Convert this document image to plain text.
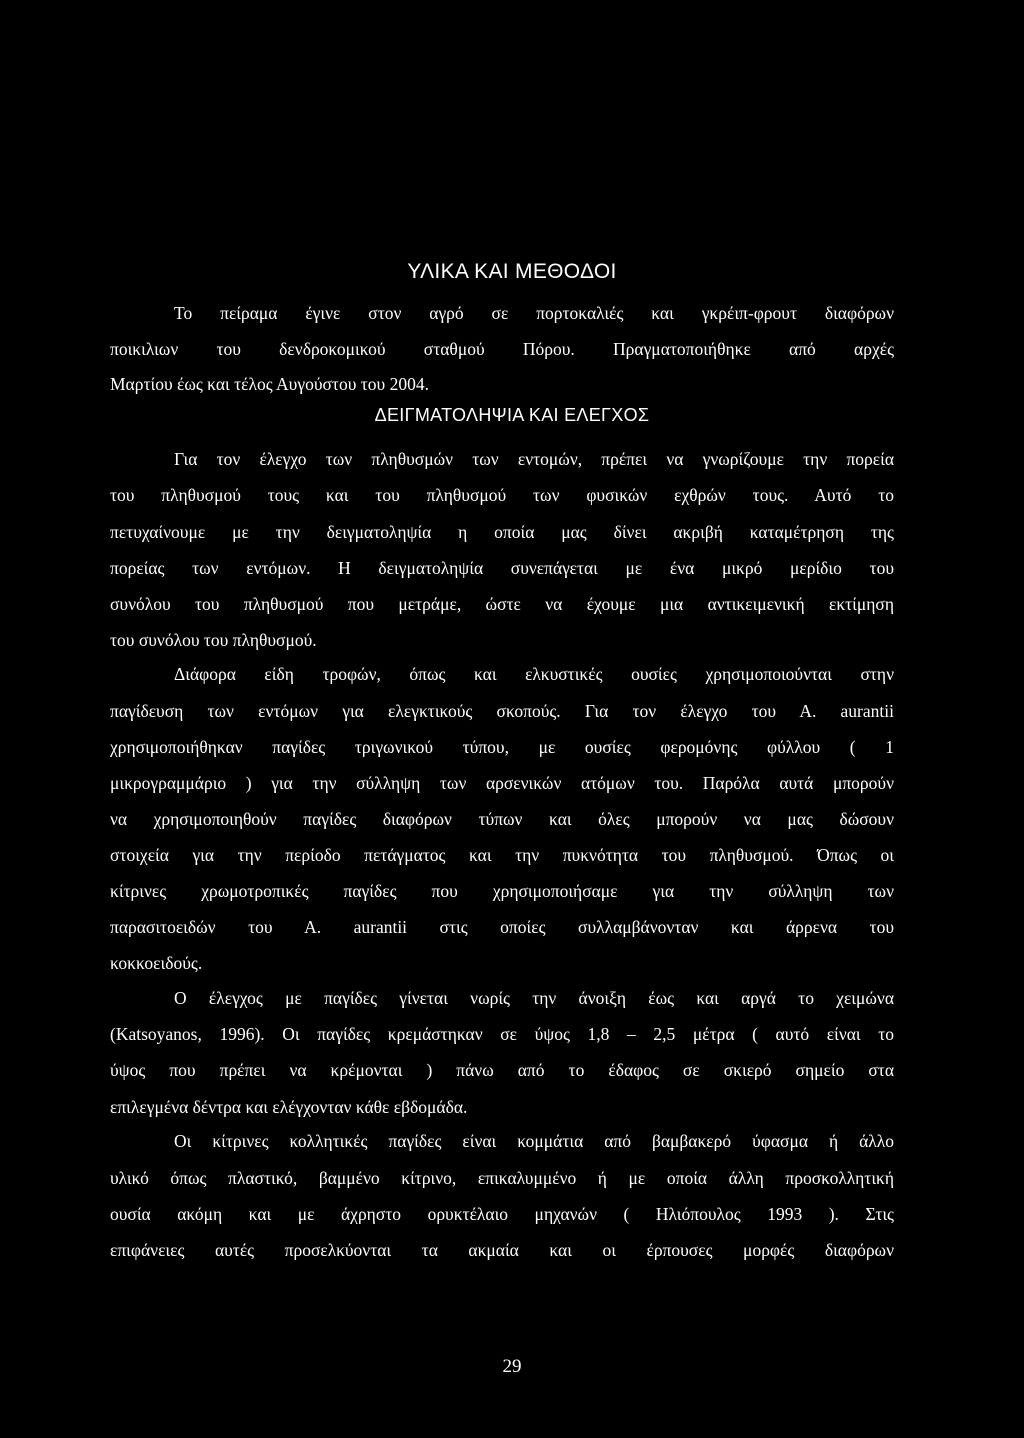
ΥΛΙΚΑ ΚΑΙ ΜΕΘΟΔΟΙ
Το πείραμα έγινε στον αγρό σε πορτοκαλιές και γκρέιπ-φρουτ διαφόρων
ποικιλιων του δενδροκομικού σταθμού Πόρου. Πραγματοποιήθηκε από αρχές
Μαρτίου έως και τέλος Αυγούστου του 2004.
ΔΕΙΓΜΑΤΟΛΗΨΙΑ ΚΑΙ ΕΛΕΓΧΟΣ
Για τον έλεγχο των πληθυσμών των εντομών, πρέπει να γνωρίζουμε την πορεία
του πληθυσμού τους και του πληθυσμού των φυσικών εχθρών τους. Αυτό το
πετυχαίνουμε με την δειγματοληψία η οποία μας δίνει ακριβή καταμέτρηση της
πορείας των εντόμων. Η δειγματοληψία συνεπάγεται με ένα μικρό μερίδιο του
συνόλου του πληθυσμού που μετράμε, ώστε να έχουμε μια αντικειμενική εκτίμηση
του συνόλου του πληθυσμού.
Διάφορα είδη τροφών, όπως και ελκυστικές ουσίες χρησιμοποιούνται στην
παγίδευση των εντόμων για ελεγκτικούς σκοπούς. Για τον έλεγχο του Α. aurantii
χρησιμοποιήθηκαν παγίδες τριγωνικού τύπου, με ουσίες φερομόνης φύλλου ( 1
μικρογραμμάριο ) για την σύλληψη των αρσενικών ατόμων του. Παρόλα αυτά μπορούν
να χρησιμοποιηθούν παγίδες διαφόρων τύπων και όλες μπορούν να μας δώσουν
στοιχεία για την περίοδο πετάγματος και την πυκνότητα του πληθυσμού. Όπως οι
κίτρινες χρωμοτροπικές παγίδες που χρησιμοποιήσαμε για την σύλληψη των
παρασιτοειδών του Α. aurantii στις οποίες συλλαμβάνονταν και άρρενα του
κοκκοειδούς.
Ο έλεγχος με παγίδες γίνεται νωρίς την άνοιξη έως και αργά το χειμώνα
(Katsoyanos, 1996). Οι παγίδες κρεμάστηκαν σε ύψος 1,8 – 2,5 μέτρα ( αυτό είναι το
ύψος που πρέπει να κρέμονται ) πάνω από το έδαφος σε σκιερό σημείο στα
επιλεγμένα δέντρα και ελέγχονταν κάθε εβδομάδα.
Οι κίτρινες κολλητικές παγίδες είναι κομμάτια από βαμβακερό ύφασμα ή άλλο
υλικό όπως πλαστικό, βαμμένο κίτρινο, επικαλυμμένο ή με οποία άλλη προσκολλητική
ουσία ακόμη και με άχρηστο ορυκτέλαιο μηχανών ( Ηλιόπουλος 1993 ). Στις
επιφάνειες αυτές προσελκύονται τα ακμαία και οι έρπουσες μορφές διαφόρων
29
